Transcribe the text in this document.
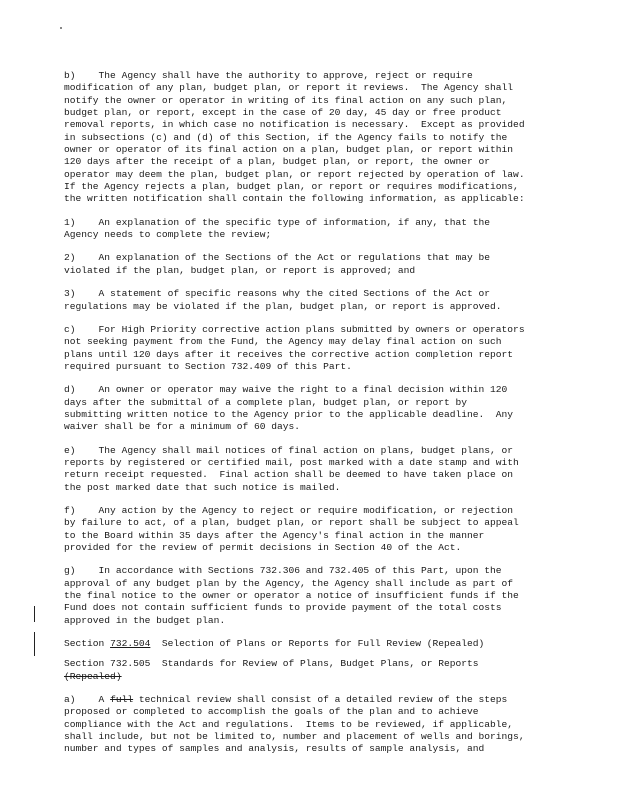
b)    The Agency shall have the authority to approve, reject or require
modification of any plan, budget plan, or report it reviews.  The Agency shall
notify the owner or operator in writing of its final action on any such plan,
budget plan, or report, except in the case of 20 day, 45 day or free product
removal reports, in which case no notification is necessary.  Except as provided
in subsections (c) and (d) of this Section, if the Agency fails to notify the
owner or operator of its final action on a plan, budget plan, or report within
120 days after the receipt of a plan, budget plan, or report, the owner or
operator may deem the plan, budget plan, or report rejected by operation of law.
If the Agency rejects a plan, budget plan, or report or requires modifications,
the written notification shall contain the following information, as applicable:
1)    An explanation of the specific type of information, if any, that the
Agency needs to complete the review;
2)    An explanation of the Sections of the Act or regulations that may be
violated if the plan, budget plan, or report is approved; and
3)    A statement of specific reasons why the cited Sections of the Act or
regulations may be violated if the plan, budget plan, or report is approved.
c)    For High Priority corrective action plans submitted by owners or operators
not seeking payment from the Fund, the Agency may delay final action on such
plans until 120 days after it receives the corrective action completion report
required pursuant to Section 732.409 of this Part.
d)    An owner or operator may waive the right to a final decision within 120
days after the submittal of a complete plan, budget plan, or report by
submitting written notice to the Agency prior to the applicable deadline.  Any
waiver shall be for a minimum of 60 days.
e)    The Agency shall mail notices of final action on plans, budget plans, or
reports by registered or certified mail, post marked with a date stamp and with
return receipt requested.  Final action shall be deemed to have taken place on
the post marked date that such notice is mailed.
f)    Any action by the Agency to reject or require modification, or rejection
by failure to act, of a plan, budget plan, or report shall be subject to appeal
to the Board within 35 days after the Agency's final action in the manner
provided for the review of permit decisions in Section 40 of the Act.
g)    In accordance with Sections 732.306 and 732.405 of this Part, upon the
approval of any budget plan by the Agency, the Agency shall include as part of
the final notice to the owner or operator a notice of insufficient funds if the
Fund does not contain sufficient funds to provide payment of the total costs
approved in the budget plan.
Section 732.504  Selection of Plans or Reports for Full Review (Repealed)
Section 732.505  Standards for Review of Plans, Budget Plans, or Reports
(Repealed)
a)    A full technical review shall consist of a detailed review of the steps
proposed or completed to accomplish the goals of the plan and to achieve
compliance with the Act and regulations.  Items to be reviewed, if applicable,
shall include, but not be limited to, number and placement of wells and borings,
number and types of samples and analysis, results of sample analysis, and
